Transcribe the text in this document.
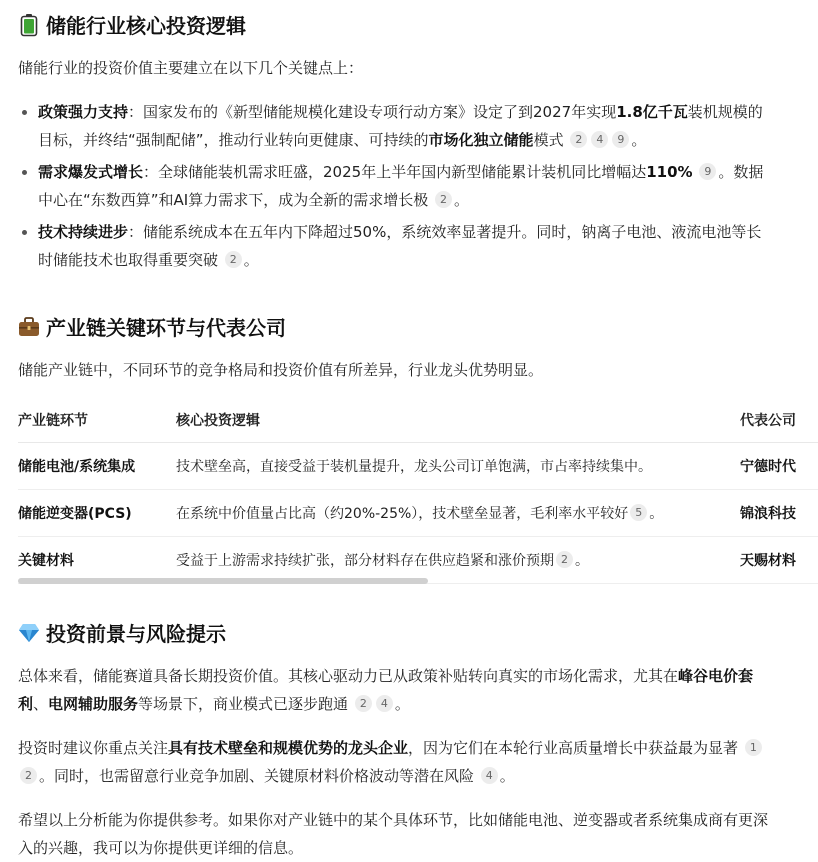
储能行业核心投资逻辑

储能行业的投资价值主要建立在以下几个关键点上：

政策强力支持：国家发布的《新型储能规模化建设专项行动方案》设定了到2027年实现1.8亿千瓦装机规模的目标，并终结“强制配储”，推动行业转向更健康、可持续的市场化独立储能模式 2 4 9 。
需求爆发式增长：全球储能装机需求旺盛，2025年上半年国内新型储能累计装机同比增幅达110% 9 。数据中心在“东数西算”和AI算力需求下，成为全新的需求增长极 2 。
技术持续进步：储能系统成本在五年内下降超过50%，系统效率显著提升。同时，钠离子电池、液流电池等长时储能技术也取得重要突破 2 。
产业链关键环节与代表公司

储能产业链中，不同环节的竞争格局和投资价值有所差异，行业龙头优势明显。

产业链环节	核心投资逻辑	代表公司
储能电池/系统集成	技术壁垒高，直接受益于装机量提升，龙头公司订单饱满，市占率持续集中。	宁德时代
储能逆变器(PCS)	在系统中价值量占比高（约20%-25%），技术壁垒显著，毛利率水平较好 5 。	锦浪科技
关键材料	受益于上游需求持续扩张，部分材料存在供应趋紧和涨价预期 2 。	天赐材料
投资前景与风险提示

总体来看，储能赛道具备长期投资价值。其核心驱动力已从政策补贴转向真实的市场化需求，尤其在峰谷电价套利、电网辅助服务等场景下，商业模式已逐步跑通 2 4 。

投资时建议你重点关注具有技术壁垒和规模优势的龙头企业，因为它们在本轮行业高质量增长中获益最为显著 12 。同时，也需留意行业竞争加剧、关键原材料价格波动等潜在风险 4 。

希望以上分析能为你提供参考。如果你对产业链中的某个具体环节，比如储能电池、逆变器或者系统集成商有更深入的兴趣，我可以为你提供更详细的信息。
